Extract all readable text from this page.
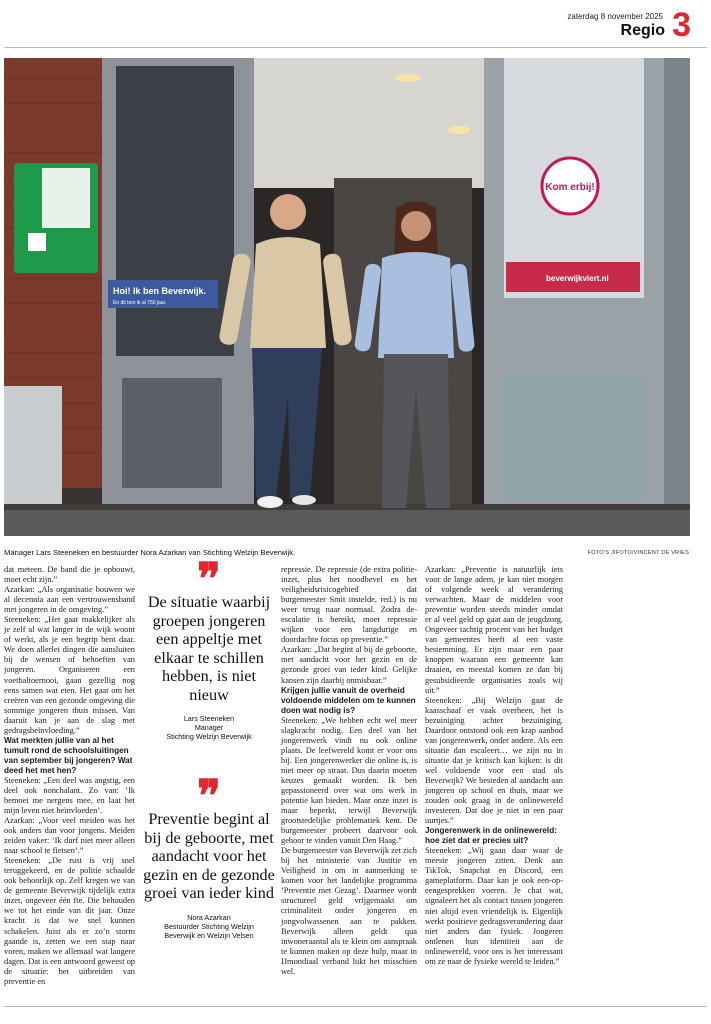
zaterdag 8 november 2025
Regio 3
Hoi! Ik ben Beverwijk.
En dit ben ik al 750 jaar.
Kom erbij!
beverwijkviert.nl
Manager Lars Steeneken en bestuurder Nora Azarkan van Stichting Welzijn Beverwijk.	FOTO’S JIFOTO/VINCENT DE VRIES

dat meteen. De band die je opbouwt, moet echt zijn.”

Azarkan: „Als organisatie bouwen we al decennia aan een vertrouwensband met jongeren in de omgeving.”

Steeneken: „Het gaat makkelijker als je zelf al wat langer in de wijk woont of werkt, als je een begrip bent daar. We doen allerlei dingen die aansluiten bij de wensen of behoeften van jongeren. Organiseren een voetbaltoernooi, gaan gezellig nog eens samen wat eten. Het gaat om het creëren van een gezonde omgeving die sommige jongeren thuis missen. Van daaruit kan je aan de slag met gedragsbeïnvloeding.”

Wat merkten jullie van al het tumult rond de schoolsluitingen van september bij jongeren? Wat deed het met hen?

Steeneken: „Een deel was angstig, een deel ook nonchalant. Zo van: ’Ik bemoei me nergens mee, en laat het mijn leven niet beïnvloeden’.

Azarkan: „Voor veel meiden was het ook anders dan voor jongens. Meiden zeiden vaker: ’Ik durf niet meer alleen naar school te fietsen’.”

Steeneken: „De rust is vrij snel teruggekeerd, en de politie schaalde ook behoorlijk op. Zelf kregen we van de gemeente Beverwijk tijdelijk extra inzet, ongeveer één fte. Die behouden we tot het einde van dit jaar. Onze kracht is dat we snel kunnen schakelen. Juist als er zo’n storm gaande is, zetten we een stap naar voren, maken we allemaal wat langere dagen. Dat is een antwoord geweest op de situatie: het uitbreiden van preventie en

❞
De situatie waarbij groepen jongeren een appeltje met elkaar te schillen hebben, is niet nieuw
Lars Steeneken
Manager
Stichting Welzijn Beverwijk
❞
Preventie begint al bij de geboorte, met aandacht voor het gezin en de gezonde groei van ieder kind
Nora Azarkan
Bestuurder Stichting Welzijn
Beverwijk en Welzijn Velsen

repressie. De repressie (de extra politie-inzet, plus het noodbevel en het veiligheidsrisicogebied dat burgemeester Smit instelde, red.) is nu weer terug naar normaal. Zodra de-escalatie is bereikt, moet repressie wijken voor een langdurige en doordachte focus op preventie.”

Azarkan: „Dat begint al bij de geboorte, met aandacht voor het gezin en de gezonde groei van ieder kind. Gelijke kansen zijn daarbij onmisbaar.”

Krijgen jullie vanuit de overheid voldoende middelen om te kunnen doen wat nodig is?

Steeneken: „We hebben echt wel meer slagkracht nodig. Een deel van het jongerenwerk vindt nu ook online plaats. De leefwereld komt er voor ons bij. Een jongerenwerker die online is, is niet meer op straat. Dus daarin moeten keuzes gemaakt worden. Ik ben gepassioneerd over wat ons werk in potentie kan bieden. Maar onze inzet is maar beperkt, terwijl Beverwijk grootstedelijke problematiek kent. De burgemeester probeert daarvoor ook gehoor te vinden vanuit Den Haag.”

De burgemeester van Beverwijk zet zich bij het ministerie van Justitie en Veiligheid in om in aanmerking te komen voor het landelijke programma ’Preventie met Gezag’. Daarmee wordt structureel geld vrijgemaakt om criminaliteit onder jongeren en jongvolwassenen aan te pakken. Beverwijk alleen geldt qua inwoneraantal als te klein om aanspraak te kunnen maken op deze hulp, maar in IJmondiaal verband lukt het misschien wel.

Azarkan: „Preventie is natuurlijk iets voor de lange adem, je kan niet morgen of volgende week al verandering verwachten. Maar de middelen voor preventie worden steeds minder omdat er al veel geld op gaat aan de jeugdzorg. Ongeveer tachtig procent van het budget van gemeentes heeft al een vaste bestemming. Er zijn maar een paar knoppen waaraan een gemeente kan draaien, en meestal komen ze dan bij gesubsidieerde organisaties zoals wij uit.”

Steeneken: „Bij Welzijn gaat de kaasschaaf er vaak overheen, het is bezuiniging achter bezuiniging. Daardoor ontstond ook een krap aanbod van jongerenwerk, onder andere. Als een situatie dan escaleert… we zijn nu in situatie dat je kritisch kan kijken: is dit wel voldoende voor een stad als Beverwijk? We besteden al aandacht aan jongeren op school en thuis, maar we zouden ook graag in de onlinewereld investeren. Dat doe je niet in een paar uurtjes.”

Jongerenwerk in de onlinewereld: hoe ziet dat er precies uit?

Steeneken: „Wij gaan daar waar de meeste jongeren zitten. Denk aan TikTok, Snapchat en Discord, een gameplatform. Daar kan je ook een-op-eengesprekken voeren. Je chat wat, signaleert het als contact tussen jongeren niet altijd even vriendelijk is. Eigenlijk werkt positieve gedragsverandering daar niet anders dan fysiek. Jongeren ontlenen hun identiteit aan de onlinewereld, voor ons is het interessant om ze naar de fysieke wereld te leiden.”
